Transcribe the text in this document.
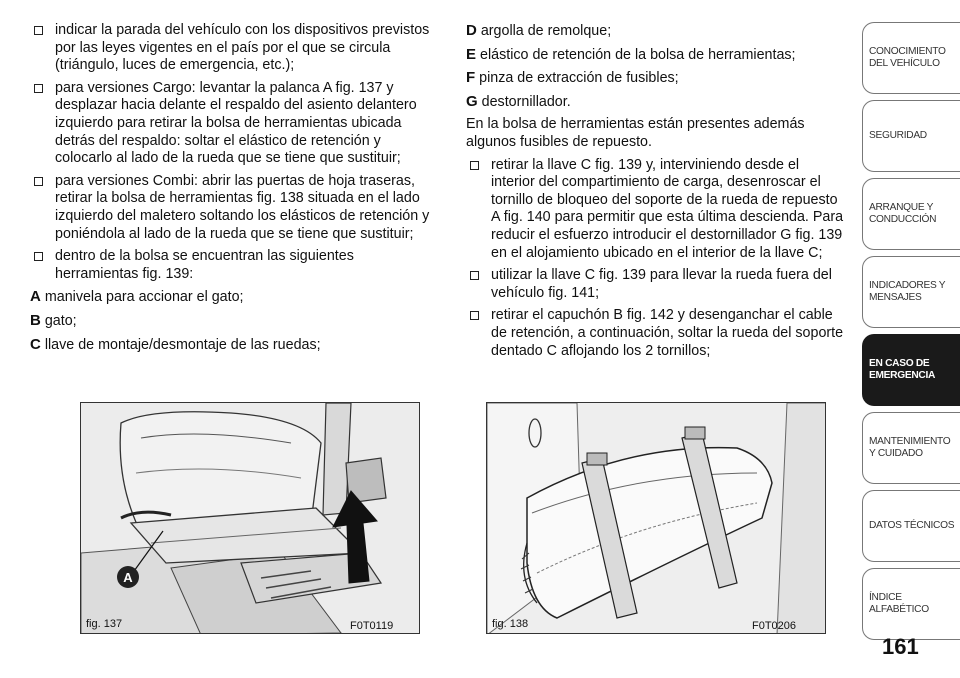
indicar la parada del vehículo con los dispositivos previstos por las leyes vigentes en el país por el que se circula (triángulo, luces de emergencia, etc.);
para versiones Cargo: levantar la palanca A fig. 137 y desplazar hacia delante el respaldo del asiento delantero izquierdo para retirar la bolsa de herramientas ubicada detrás del respaldo: soltar el elástico de retención y colocarlo al lado de la rueda que se tiene que sustituir;
para versiones Combi: abrir las puertas de hoja traseras, retirar la bolsa de herramientas fig. 138 situada en el lado izquierdo del maletero soltando los elásticos de retención y poniéndola al lado de la rueda que se tiene que sustituir;
dentro de la bolsa se encuentran las siguientes herramientas fig. 139:
A manivela para accionar el gato;
B gato;
C llave de montaje/desmontaje de las ruedas;
D argolla de remolque;
E elástico de retención de la bolsa de herramientas;
F pinza de extracción de fusibles;
G destornillador.
En la bolsa de herramientas están presentes además algunos fusibles de repuesto.
retirar la llave C fig. 139 y, interviniendo desde el interior del compartimiento de carga, desenroscar el tornillo de bloqueo del soporte de la rueda de repuesto A fig. 140 para permitir que esta última descienda. Para reducir el esfuerzo introducir el destornillador G fig. 139 en el alojamiento ubicado en el interior de la llave C;
utilizar la llave C fig. 139 para llevar la rueda fuera del vehículo fig. 141;
retirar el capuchón B fig. 142 y desenganchar el cable de retención, a continuación, soltar la rueda del soporte dentado C aflojando los 2 tornillos;
A
fig. 137	F0T0119	fig. 138	F0T0206
CONOCIMIENTO DEL VEHÍCULO
SEGURIDAD
ARRANQUE Y CONDUCCIÓN
INDICADORES Y MENSAJES
EN CASO DE EMERGENCIA
MANTENIMIENTO Y CUIDADO
DATOS TÉCNICOS
ÍNDICE ALFABÉTICO
161
